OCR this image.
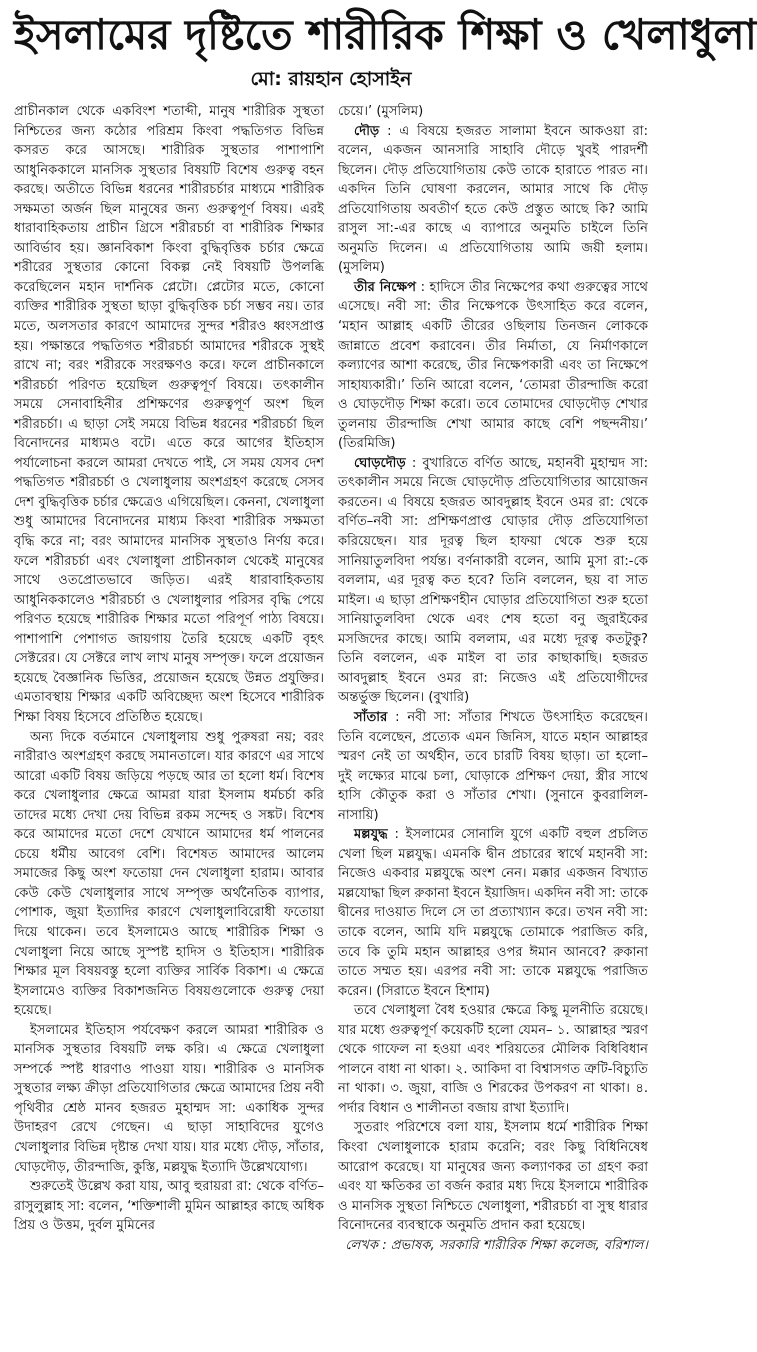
ইসলামের দৃষ্টিতে শারীরিক শিক্ষা ও খেলাধুলা
মো: রায়হান হোসাইন

প্রাচীনকাল থেকে একবিংশ শতাব্দী, মানুষ শারীরিক সুস্থতা নিশ্চিতের জন্য কঠোর পরিশ্রম কিংবা পদ্ধতিগত বিভিন্ন কসরত করে আসছে। শারীরিক সুস্থতার পাশাপাশি আধুনিককালে মানসিক সুস্থতার বিষয়টি বিশেষ গুরুত্ব বহন করছে। অতীতে বিভিন্ন ধরনের শারীরচর্চার মাধ্যমে শারীরিক সক্ষমতা অর্জন ছিল মানুষের জন্য গুরুত্বপূর্ণ বিষয়। এরই ধারাবাহিকতায় প্রাচীন গ্রিসে শরীরচর্চা বা শারীরিক শিক্ষার আবির্ভাব হয়। জ্ঞানবিকাশ কিংবা বুদ্ধিবৃত্তিক চর্চার ক্ষেত্রে শরীরের সুস্থতার কোনো বিকল্প নেই বিষয়টি উপলব্ধি করেছিলেন মহান দার্শনিক প্লেটো। প্লেটোর মতে, কোনো ব্যক্তির শারীরিক সুস্থতা ছাড়া বুদ্ধিবৃত্তিক চর্চা সম্ভব নয়। তার মতে, অলসতার কারণে আমাদের সুন্দর শরীরও ধ্বংসপ্রাপ্ত হয়। পক্ষান্তরে পদ্ধতিগত শরীরচর্চা আমাদের শরীরকে সুস্থই রাখে না; বরং শরীরকে সংরক্ষণও করে। ফলে প্রাচীনকালে শরীরচর্চা পরিণত হয়েছিল গুরুত্বপূর্ণ বিষয়ে। তৎকালীন সময়ে সেনাবাহিনীর প্রশিক্ষণের গুরুত্বপূর্ণ অংশ ছিল শরীরচর্চা। এ ছাড়া সেই সময়ে বিভিন্ন ধরনের শরীরচর্চা ছিল বিনোদনের মাধ্যমও বটে। এতে করে আগের ইতিহাস পর্যালোচনা করলে আমরা দেখতে পাই, সে সময় যেসব দেশ পদ্ধতিগত শরীরচর্চা ও খেলাধুলায় অংশগ্রহণ করেছে সেসব দেশ বুদ্ধিবৃত্তিক চর্চার ক্ষেত্রেও এগিয়েছিল। কেননা, খেলাধুলা শুধু আমাদের বিনোদনের মাধ্যম কিংবা শারীরিক সক্ষমতা বৃদ্ধি করে না; বরং আমাদের মানসিক সুস্থতাও নির্ণয় করে। ফলে শরীরচর্চা এবং খেলাধুলা প্রাচীনকাল থেকেই মানুষের সাথে ওতপ্রোতভাবে জড়িত। এরই ধারাবাহিকতায় আধুনিককালেও শরীরচর্চা ও খেলাধুলার পরিসর বৃদ্ধি পেয়ে পরিণত হয়েছে শারীরিক শিক্ষার মতো পরিপূর্ণ পাঠ্য বিষয়ে। পাশাপাশি পেশাগত জায়গায় তৈরি হয়েছে একটি বৃহৎ সেক্টরের। যে সেক্টরে লাখ লাখ মানুষ সম্পৃক্ত। ফলে প্রয়োজন হয়েছে বৈজ্ঞানিক ভিত্তির, প্রয়োজন হয়েছে উন্নত প্রযুক্তির। এমতাবস্থায় শিক্ষার একটি অবিচ্ছেদ্য অংশ হিসেবে শারীরিক শিক্ষা বিষয় হিসেবে প্রতিষ্ঠিত হয়েছে।

অন্য দিকে বর্তমানে খেলাধুলায় শুধু পুরুষরা নয়; বরং নারীরাও অংশগ্রহণ করছে সমানতালে। যার কারণে এর সাথে আরো একটি বিষয় জড়িয়ে পড়ছে আর তা হলো ধর্ম। বিশেষ করে খেলাধুলার ক্ষেত্রে আমরা যারা ইসলাম ধর্মচর্চা করি তাদের মধ্যে দেখা দেয় বিভিন্ন রকম সন্দেহ ও সঙ্কট। বিশেষ করে আমাদের মতো দেশে যেখানে আমাদের ধর্ম পালনের চেয়ে ধর্মীয় আবেগ বেশি। বিশেষত আমাদের আলেম সমাজের কিছু অংশ ফতোয়া দেন খেলাধুলা হারাম। আবার কেউ কেউ খেলাধুলার সাথে সম্পৃক্ত অর্থনৈতিক ব্যাপার, পোশাক, জুয়া ইত্যাদির কারণে খেলাধুলাবিরোধী ফতোয়া দিয়ে থাকেন। তবে ইসলামেও আছে শারীরিক শিক্ষা ও খেলাধুলা নিয়ে আছে সুস্পষ্ট হাদিস ও ইতিহাস। শারীরিক শিক্ষার মূল বিষয়বস্তু হলো ব্যক্তির সার্বিক বিকাশ। এ ক্ষেত্রে ইসলামেও ব্যক্তির বিকাশজনিত বিষয়গুলোকে গুরুত্ব দেয়া হয়েছে।

ইসলামের ইতিহাস পর্যবেক্ষণ করলে আমরা শারীরিক ও মানসিক সুস্থতার বিষয়টি লক্ষ করি। এ ক্ষেত্রে খেলাধুলা সম্পর্কে স্পষ্ট ধারণাও পাওয়া যায়। শারীরিক ও মানসিক সুস্থতার লক্ষ্য ক্রীড়া প্রতিযোগিতার ক্ষেত্রে আমাদের প্রিয় নবী পৃথিবীর শ্রেষ্ঠ মানব হজরত মুহাম্মদ সা: একাধিক সুন্দর উদাহরণ রেখে গেছেন। এ ছাড়া সাহাবিদের যুগেও খেলাধুলার বিভিন্ন দৃষ্টান্ত দেখা যায়। যার মধ্যে দৌড়, সাঁতার, ঘোড়দৌড়, তীরন্দাজি, কুস্তি, মল্লযুদ্ধ ইত্যাদি উল্লেখযোগ্য।

শুরুতেই উল্লেখ করা যায়, আবু হুরায়রা রা: থেকে বর্ণিত–রাসুলুল্লাহ সা: বলেন, ‘শক্তিশালী মুমিন আল্লাহর কাছে অধিক প্রিয় ও উত্তম, দুর্বল মুমিনের

চেয়ে।’ (মুসলিম)

দৌড় : এ বিষয়ে হজরত সালামা ইবনে আকওয়া রা: বলেন, একজন আনসারি সাহাবি দৌড়ে খুবই পারদর্শী ছিলেন। দৌড় প্রতিযোগিতায় কেউ তাকে হারাতে পারত না। একদিন তিনি ঘোষণা করলেন, আমার সাথে কি দৌড় প্রতিযোগিতায় অবতীর্ণ হতে কেউ প্রস্তুত আছে কি? আমি রাসুল সা:-এর কাছে এ ব্যাপারে অনুমতি চাইলে তিনি অনুমতি দিলেন। এ প্রতিযোগিতায় আমি জয়ী হলাম। (মুসলিম)

তীর নিক্ষেপ : হাদিসে তীর নিক্ষেপের কথা গুরুত্বের সাথে এসেছে। নবী সা: তীর নিক্ষেপকে উৎসাহিত করে বলেন, ‘মহান আল্লাহ একটি তীরের ওছিলায় তিনজন লোককে জান্নাতে প্রবেশ করাবেন। তীর নির্মাতা, যে নির্মাণকালে কল্যাণের আশা করেছে, তীর নিক্ষেপকারী এবং তা নিক্ষেপে সাহায্যকারী।’ তিনি আরো বলেন, ‘তোমরা তীরন্দাজি করো ও ঘোড়দৌড় শিক্ষা করো। তবে তোমাদের ঘোড়দৌড় শেখার তুলনায় তীরন্দাজি শেখা আমার কাছে বেশি পছন্দনীয়।’ (তিরমিজি)

ঘোড়দৌড় : বুখারিতে বর্ণিত আছে, মহানবী মুহাম্মদ সা: তৎকালীন সময়ে নিজে ঘোড়দৌড় প্রতিযোগিতার আয়োজন করতেন। এ বিষয়ে হজরত আবদুল্লাহ ইবনে ওমর রা: থেকে বর্ণিত–নবী সা: প্রশিক্ষণপ্রাপ্ত ঘোড়ার দৌড় প্রতিযোগিতা করিয়েছেন। যার দূরত্ব ছিল হাফয়া থেকে শুরু হয়ে সানিয়াতুলবিদা পর্যন্ত। বর্ণনাকারী বলেন, আমি মুসা রা:-কে বললাম, এর দূরত্ব কত হবে? তিনি বললেন, ছয় বা সাত মাইল। এ ছাড়া প্রশিক্ষণহীন ঘোড়ার প্রতিযোগিতা শুরু হতো সানিয়াতুলবিদা থেকে এবং শেষ হতো বনু জুরাইকের মসজিদের কাছে। আমি বললাম, এর মধ্যে দূরত্ব কতটুকু? তিনি বললেন, এক মাইল বা তার কাছাকাছি। হজরত আবদুল্লাহ ইবনে ওমর রা: নিজেও এই প্রতিযোগীদের অন্তর্ভুক্ত ছিলেন। (বুখারি)

সাঁতার : নবী সা: সাঁতার শিখতে উৎসাহিত করেছেন। তিনি বলেছেন, প্রত্যেক এমন জিনিস, যাতে মহান আল্লাহর স্মরণ নেই তা অর্থহীন, তবে চারটি বিষয় ছাড়া। তা হলো– দুই লক্ষ্যের মাঝে চলা, ঘোড়াকে প্রশিক্ষণ দেয়া, স্ত্রীর সাথে হাসি কৌতুক করা ও সাঁতার শেখা। (সুনানে কুবরালিল-নাসায়ি)

মল্লযুদ্ধ : ইসলামের সোনালি যুগে একটি বহুল প্রচলিত খেলা ছিল মল্লযুদ্ধ। এমনকি দ্বীন প্রচারের স্বার্থে মহানবী সা: নিজেও একবার মল্লযুদ্ধে অংশ নেন। মক্কার একজন বিখ্যাত মল্লযোদ্ধা ছিল রুকানা ইবনে ইয়াজিদ। একদিন নবী সা: তাকে দ্বীনের দাওয়াত দিলে সে তা প্রত্যাখ্যান করে। তখন নবী সা: তাকে বলেন, আমি যদি মল্লযুদ্ধে তোমাকে পরাজিত করি, তবে কি তুমি মহান আল্লাহর ওপর ঈমান আনবে? রুকানা তাতে সম্মত হয়। এরপর নবী সা: তাকে মল্লযুদ্ধে পরাজিত করেন। (সিরাতে ইবনে হিশাম)

তবে খেলাধুলা বৈধ হওয়ার ক্ষেত্রে কিছু মূলনীতি রয়েছে। যার মধ্যে গুরুত্বপূর্ণ কয়েকটি হলো যেমন– ১. আল্লাহর স্মরণ থেকে গাফেল না হওয়া এবং শরিয়তের মৌলিক বিধিবিধান পালনে বাধা না থাকা। ২. আকিদা বা বিশ্বাসগত ত্রুটি-বিচ্যুতি না থাকা। ৩. জুয়া, বাজি ও শিরকের উপকরণ না থাকা। ৪. পর্দার বিধান ও শালীনতা বজায় রাখা ইত্যাদি।

সুতরাং পরিশেষে বলা যায়, ইসলাম ধর্মে শারীরিক শিক্ষা কিংবা খেলাধুলাকে হারাম করেনি; বরং কিছু বিধিনিষেধ আরোপ করেছে। যা মানুষের জন্য কল্যাণকর তা গ্রহণ করা এবং যা ক্ষতিকর তা বর্জন করার মধ্য দিয়ে ইসলামে শারীরিক ও মানসিক সুস্থতা নিশ্চিতে খেলাধুলা, শরীরচর্চা বা সুস্থ ধারার বিনোদনের ব্যবস্থাকে অনুমতি প্রদান করা হয়েছে।

লেখক : প্রভাষক, সরকারি শারীরিক শিক্ষা কলেজ, বরিশাল।
